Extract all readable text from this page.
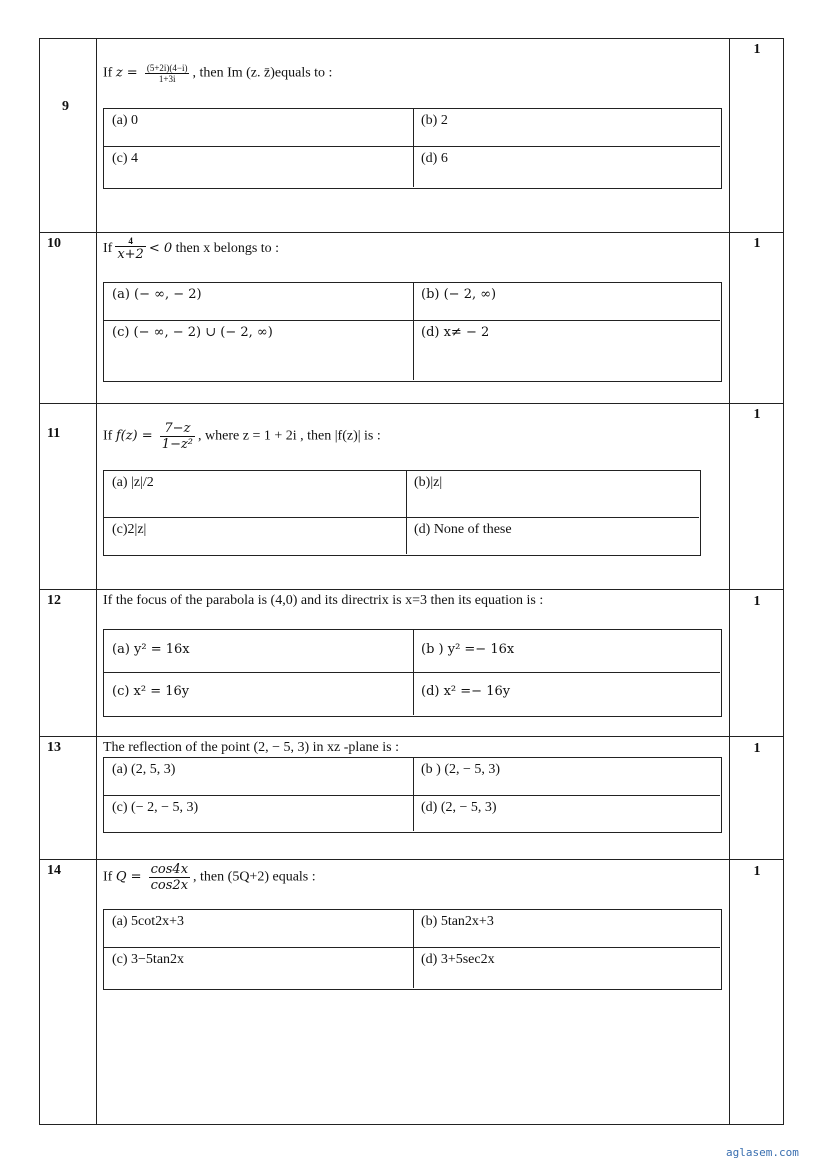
9
1
If $z = \frac{(5+2i)(4-i)}{1+3i}$ , then Im (z. z̄)equals to :
(a) 0	(b) 2
(c) 4	(d) 6
10	1
If $\frac{4}{x+2} < 0$ then x belongs to :
(a) (− ∞, − 2)	(b) (− 2, ∞)
(c) (− ∞, − 2) ∪ (− 2, ∞)	(d) x≠ − 2
11
1
If $f(z) = \frac{7-z}{\text{1−z²}}$ , where z = 1 + 2i , then |f(z)| is :
(a) |z|/2	(b)|z|
(c)2|z|	(d) None of these
12	1
If the focus of the parabola is (4,0) and its directrix is x=3 then its equation is :
(a) y² = 16x	(b ) y² =− 16x
(c) x² = 16y	(d) x² =− 16y
13	1
The reflection of the point (2, − 5, 3) in xz -plane is :
(a) (2, 5, 3)	(b ) (2, − 5, 3)
(c) (− 2, − 5, 3)	(d) (2, − 5, 3)
14	1
If $Q = \frac{\cos 4x}{\cos 2x}$ , then (5Q+2) equals :
(a) 5cot2x+3	(b) 5tan2x+3
(c) 3−5tan2x	(d) 3+5sec2x
aglasem.com
